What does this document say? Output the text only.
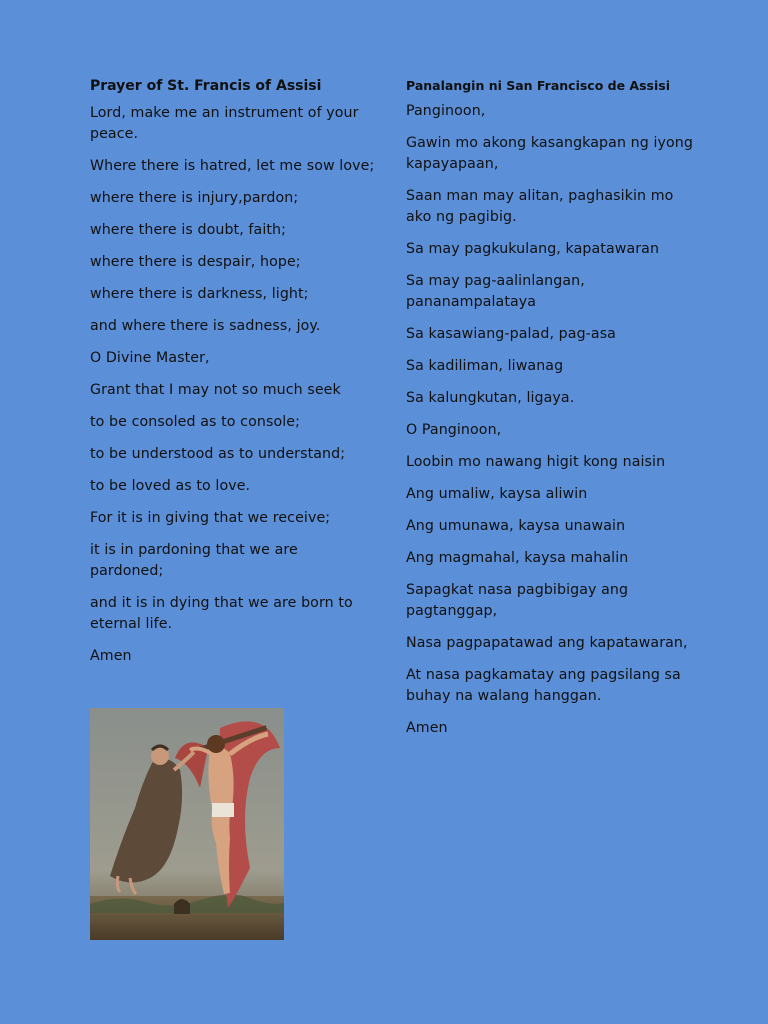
Prayer of St. Francis of Assisi
Lord, make me an instrument of your peace.
Where there is hatred, let me sow love;
where there is injury,pardon;
where there is doubt, faith;
where there is despair, hope;
where there is darkness, light;
and where there is sadness, joy.
O Divine Master,
Grant that I may not so much seek
to be consoled as to console;
to be understood as to understand;
to be loved as to love.
For it is in giving that we receive;
it is in pardoning that we are pardoned;
and it is in dying that we are born to eternal life.
Amen
Panalangin ni San Francisco de Assisi
Panginoon,
Gawin mo akong kasangkapan ng iyong kapayapaan,
Saan man may alitan, paghasikin mo ako ng pagibig.
Sa may pagkukulang, kapatawaran
Sa may pag-aalinlangan, pananampalataya
Sa kasawiang-palad, pag-asa
Sa kadiliman, liwanag
Sa kalungkutan, ligaya.
O Panginoon,
Loobin mo nawang higit kong naisin
Ang umaliw, kaysa aliwin
Ang umunawa, kaysa unawain
Ang magmahal, kaysa mahalin
Sapagkat nasa pagbibigay ang pagtanggap,
Nasa pagpapatawad ang kapatawaran,
At nasa pagkamatay ang pagsilang sa buhay na walang hanggan.
Amen
